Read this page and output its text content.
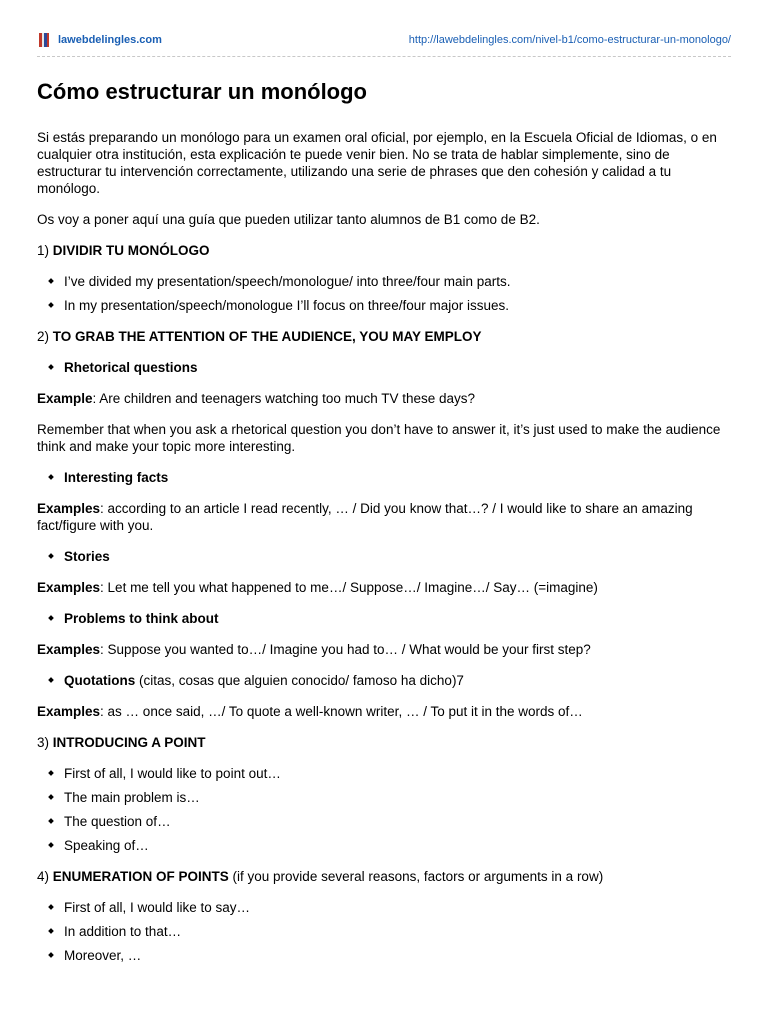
lawebdelingles.com	http://lawebdelingles.com/nivel-b1/como-estructurar-un-monologo/
Cómo estructurar un monólogo

Si estás preparando un monólogo para un examen oral oficial, por ejemplo, en la Escuela Oficial de Idiomas, o en cualquier otra institución, esta explicación te puede venir bien. No se trata de hablar simplemente, sino de estructurar tu intervención correctamente, utilizando una serie de phrases que den cohesión y calidad a tu monólogo.

Os voy a poner aquí una guía que pueden utilizar tanto alumnos de B1 como de B2.

1) DIVIDIR TU MONÓLOGO

I’ve divided my presentation/speech/monologue/ into three/four main parts.
In my presentation/speech/monologue I’ll focus on three/four major issues.

2) TO GRAB THE ATTENTION OF THE AUDIENCE, YOU MAY EMPLOY

Rhetorical questions

Example: Are children and teenagers watching too much TV these days?

Remember that when you ask a rhetorical question you don’t have to answer it, it’s just used to make the audience think and make your topic more interesting.

Interesting facts

Examples: according to an article I read recently, … / Did you know that…? / I would like to share an amazing fact/figure with you.

Stories

Examples: Let me tell you what happened to me…/ Suppose…/ Imagine…/ Say… (=imagine)

Problems to think about

Examples: Suppose you wanted to…/ Imagine you had to… / What would be your first step?

Quotations (citas, cosas que alguien conocido/ famoso ha dicho)7

Examples: as … once said, …/ To quote a well-known writer, … / To put it in the words of…

3) INTRODUCING A POINT

First of all, I would like to point out…
The main problem is…
The question of…
Speaking of…

4) ENUMERATION OF POINTS (if you provide several reasons, factors or arguments in a row)

First of all, I would like to say…
In addition to that…
Moreover, …
